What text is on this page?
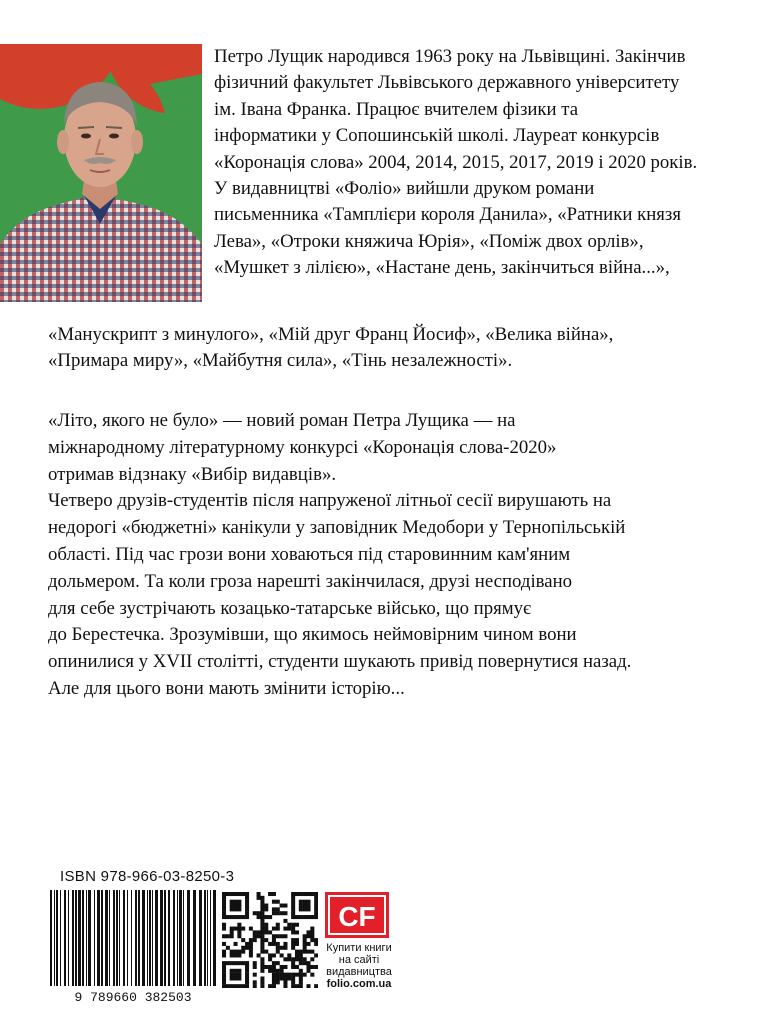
Петро Лущик народився 1963 року на Львівщині. Закінчив

фізичний факультет Львівського державного університету

ім. Івана Франка. Працює вчителем фізики та

інформатики у Сопошинській школі. Лауреат конкурсів

«Коронація слова» 2004, 2014, 2015, 2017, 2019 і 2020 років.

У видавництві «Фоліо» вийшли друком романи

письменника «Тамплієри короля Данила», «Ратники князя

Лева», «Отроки княжича Юрія», «Поміж двох орлів»,

«Мушкет з лілією», «Настане день, закінчиться війна...»,

«Манускрипт з минулого», «Мій друг Франц Йосиф», «Велика війна»,

«Примара миру», «Майбутня сила», «Тінь незалежності».

«Літо, якого не було» — новий роман Петра Лущика — на

міжнародному літературному конкурсі «Коронація слова-2020»

отримав відзнаку «Вибір видавців».

Четверо друзів-студентів після напруженої літньої сесії вирушають на

недорогі «бюджетні» канікули у заповідник Медобори у Тернопільській

області. Під час грози вони ховаються під старовинним кам'яним

дольмером. Та коли гроза нарешті закінчилася, друзі несподівано

для себе зустрічають козацько-татарське військо, що прямує

до Берестечка. Зрозумівши, що якимось неймовірним чином вони

опинилися у XVII столітті, студенти шукають привід повернутися назад.

Але для цього вони мають змінити історію...

ISBN 978-966-03-8250-3
9 789660 382503
CF
Купити книги
на сайті
видавництва
folio.com.ua
